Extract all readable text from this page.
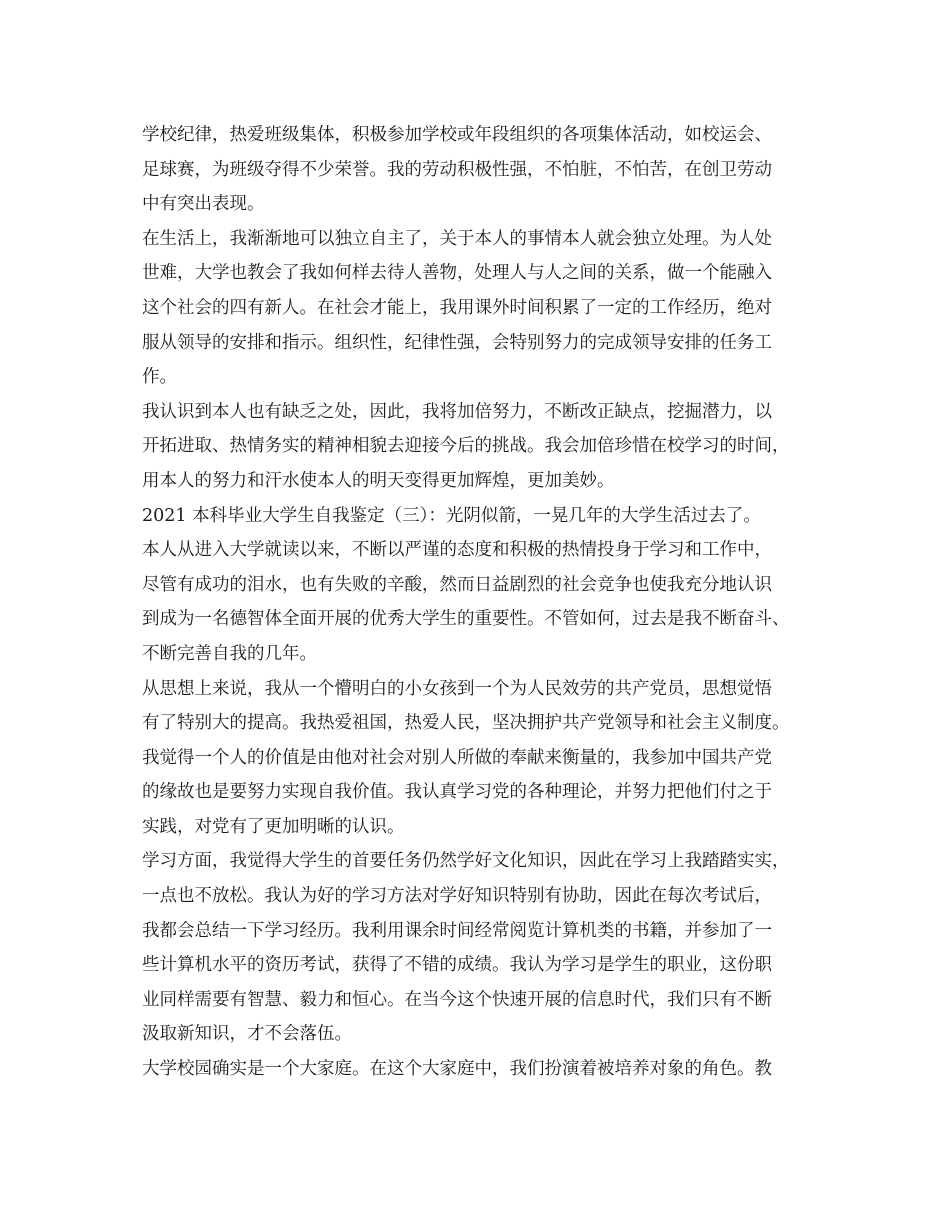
学校纪律，热爱班级集体，积极参加学校或年段组织的各项集体活动，如校运会、
足球赛，为班级夺得不少荣誉。我的劳动积极性强，不怕脏，不怕苦，在创卫劳动
中有突出表现。
在生活上，我渐渐地可以独立自主了，关于本人的事情本人就会独立处理。为人处
世难，大学也教会了我如何样去待人善物，处理人与人之间的关系，做一个能融入
这个社会的四有新人。在社会才能上，我用课外时间积累了一定的工作经历，绝对
服从领导的安排和指示。组织性，纪律性强，会特别努力的完成领导安排的任务工
作。
我认识到本人也有缺乏之处，因此，我将加倍努力，不断改正缺点，挖掘潜力，以
开拓进取、热情务实的精神相貌去迎接今后的挑战。我会加倍珍惜在校学习的时间，
用本人的努力和汗水使本人的明天变得更加辉煌，更加美妙。
2021 本科毕业大学生自我鉴定（三）：光阴似箭，一晃几年的大学生活过去了。
本人从进入大学就读以来，不断以严谨的态度和积极的热情投身于学习和工作中，
尽管有成功的泪水，也有失败的辛酸，然而日益剧烈的社会竞争也使我充分地认识
到成为一名德智体全面开展的优秀大学生的重要性。不管如何，过去是我不断奋斗、
不断完善自我的几年。
从思想上来说，我从一个懵明白的小女孩到一个为人民效劳的共产党员，思想觉悟
有了特别大的提高。我热爱祖国，热爱人民，坚决拥护共产党领导和社会主义制度。
我觉得一个人的价值是由他对社会对别人所做的奉献来衡量的，我参加中国共产党
的缘故也是要努力实现自我价值。我认真学习党的各种理论，并努力把他们付之于
实践，对党有了更加明晰的认识。
学习方面，我觉得大学生的首要任务仍然学好文化知识，因此在学习上我踏踏实实，
一点也不放松。我认为好的学习方法对学好知识特别有协助，因此在每次考试后，
我都会总结一下学习经历。我利用课余时间经常阅览计算机类的书籍，并参加了一
些计算机水平的资历考试，获得了不错的成绩。我认为学习是学生的职业，这份职
业同样需要有智慧、毅力和恒心。在当今这个快速开展的信息时代，我们只有不断
汲取新知识，才不会落伍。
大学校园确实是一个大家庭。在这个大家庭中，我们扮演着被培养对象的角色。教
